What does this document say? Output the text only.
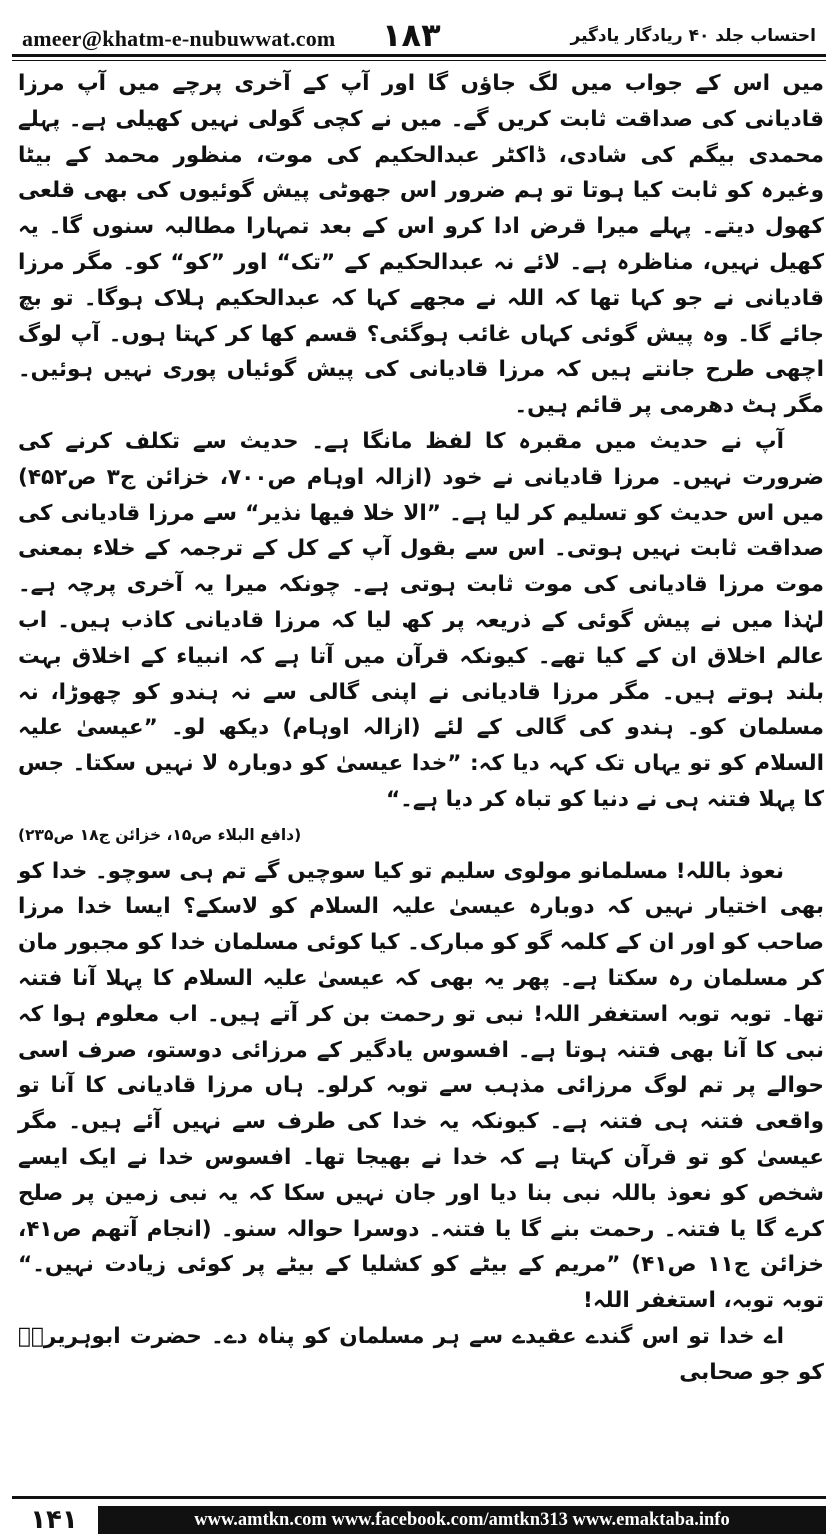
ameer@khatm-e-nubuwwat.com ۱۸۳	احتساب جلد ۴۰ ریادگار یادگیر

میں اس کے جواب میں لگ جاؤں گا اور آپ کے آخری پرچے میں آپ مرزا قادیانی کی صداقت ثابت کریں گے۔ میں نے کچی گولی نہیں کھیلی ہے۔ پہلے محمدی بیگم کی شادی، ڈاکٹر عبدالحکیم کی موت، منظور محمد کے بیٹا وغیرہ کو ثابت کیا ہوتا تو ہم ضرور اس جھوٹی پیش گوئیوں کی بھی قلعی کھول دیتے۔ پہلے میرا قرض ادا کرو اس کے بعد تمہارا مطالبہ سنوں گا۔ یہ کھیل نہیں، مناظرہ ہے۔ لائے نہ عبدالحکیم کے ”تک“ اور ”کو“ کو۔ مگر مرزا قادیانی نے جو کہا تھا کہ اللہ نے مجھے کہا کہ عبدالحکیم ہلاک ہوگا۔ تو بچ جائے گا۔ وہ پیش گوئی کہاں غائب ہوگئی؟ قسم کھا کر کہتا ہوں۔ آپ لوگ اچھی طرح جانتے ہیں کہ مرزا قادیانی کی پیش گوئیاں پوری نہیں ہوئیں۔ مگر ہٹ دھرمی پر قائم ہیں۔

آپ نے حدیث میں مقبرہ کا لفظ مانگا ہے۔ حدیث سے تکلف کرنے کی ضرورت نہیں۔ مرزا قادیانی نے خود (ازالہ اوہام ص۷۰۰، خزائن ج۳ ص۴۵۲) میں اس حدیث کو تسلیم کر لیا ہے۔ ”الا خلا فیھا نذیر“ سے مرزا قادیانی کی صداقت ثابت نہیں ہوتی۔ اس سے بقول آپ کے کل کے ترجمہ کے خلاء بمعنی موت مرزا قادیانی کی موت ثابت ہوتی ہے۔ چونکہ میرا یہ آخری پرچہ ہے۔ لہٰذا میں نے پیش گوئی کے ذریعہ پر کھ لیا کہ مرزا قادیانی کاذب ہیں۔ اب عالم اخلاق ان کے کیا تھے۔ کیونکہ قرآن میں آتا ہے کہ انبیاء کے اخلاق بہت بلند ہوتے ہیں۔ مگر مرزا قادیانی نے اپنی گالی سے نہ ہندو کو چھوڑا، نہ مسلمان کو۔ ہندو کی گالی کے لئے (ازالہ اوہام) دیکھ لو۔ ”عیسیٰ علیہ السلام کو تو یہاں تک کہہ دیا کہ: ”خدا عیسیٰ کو دوبارہ لا نہیں سکتا۔ جس کا پہلا فتنہ ہی نے دنیا کو تباہ کر دیا ہے۔“

(دافع البلاء ص۱۵، خزائن ج۱۸ ص۲۳۵)

نعوذ باللہ! مسلمانو مولوی سلیم تو کیا سوچیں گے تم ہی سوچو۔ خدا کو بھی اختیار نہیں کہ دوبارہ عیسیٰ علیہ السلام کو لاسکے؟ ایسا خدا مرزا صاحب کو اور ان کے کلمہ گو کو مبارک۔ کیا کوئی مسلمان خدا کو مجبور مان کر مسلمان رہ سکتا ہے۔ پھر یہ بھی کہ عیسیٰ علیہ السلام کا پہلا آنا فتنہ تھا۔ توبہ توبہ استغفر اللہ! نبی تو رحمت بن کر آتے ہیں۔ اب معلوم ہوا کہ نبی کا آنا بھی فتنہ ہوتا ہے۔ افسوس یادگیر کے مرزائی دوستو، صرف اسی حوالے پر تم لوگ مرزائی مذہب سے توبہ کرلو۔ ہاں مرزا قادیانی کا آنا تو واقعی فتنہ ہی فتنہ ہے۔ کیونکہ یہ خدا کی طرف سے نہیں آئے ہیں۔ مگر عیسیٰ کو تو قرآن کہتا ہے کہ خدا نے بھیجا تھا۔ افسوس خدا نے ایک ایسے شخص کو نعوذ باللہ نبی بنا دیا اور جان نہیں سکا کہ یہ نبی زمین پر صلح کرے گا یا فتنہ۔ رحمت بنے گا یا فتنہ۔ دوسرا حوالہ سنو۔ (انجام آتھم ص۴۱، خزائن ج۱۱ ص۴۱) ”مریم کے بیٹے کو کشلیا کے بیٹے پر کوئی زیادت نہیں۔“ توبہ توبہ، استغفر اللہ!

اے خدا تو اس گندے عقیدے سے ہر مسلمان کو پناہ دے۔ حضرت ابوہریرہؓ کو جو صحابی

۱۴۱	www.amtkn.com www.facebook.com/amtkn313 www.emaktaba.info
